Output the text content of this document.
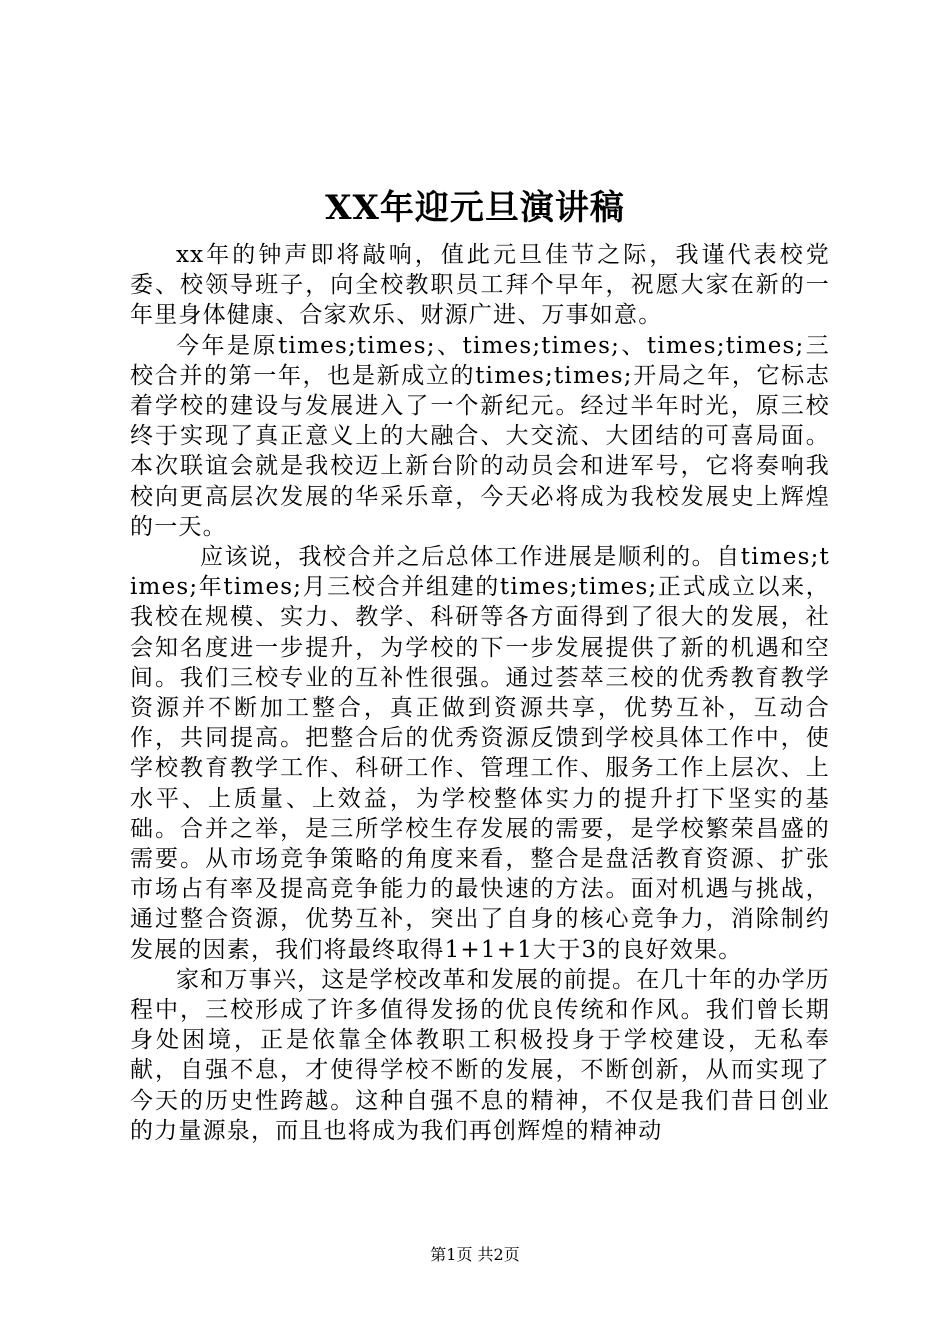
XX年迎元旦演讲稿

xx年的钟声即将敲响，值此元旦佳节之际，我谨代表校党委、校领导班子，向全校教职员工拜个早年，祝愿大家在新的一年里身体健康、合家欢乐、财源广进、万事如意。

今年是原times;times;、times;times;、times;times;三校合并的第一年，也是新成立的times;times;开局之年，它标志着学校的建设与发展进入了一个新纪元。经过半年时光，原三校终于实现了真正意义上的大融合、大交流、大团结的可喜局面。本次联谊会就是我校迈上新台阶的动员会和进军号，它将奏响我校向更高层次发展的华采乐章，今天必将成为我校发展史上辉煌的一天。

应该说，我校合并之后总体工作进展是顺利的。自times;times;年times;月三校合并组建的times;times;正式成立以来，我校在规模、实力、教学、科研等各方面得到了很大的发展，社会知名度进一步提升，为学校的下一步发展提供了新的机遇和空间。我们三校专业的互补性很强。通过荟萃三校的优秀教育教学资源并不断加工整合，真正做到资源共享，优势互补，互动合作，共同提高。把整合后的优秀资源反馈到学校具体工作中，使学校教育教学工作、科研工作、管理工作、服务工作上层次、上水平、上质量、上效益，为学校整体实力的提升打下坚实的基础。合并之举，是三所学校生存发展的需要，是学校繁荣昌盛的需要。从市场竞争策略的角度来看，整合是盘活教育资源、扩张市场占有率及提高竞争能力的最快速的方法。面对机遇与挑战，通过整合资源，优势互补，突出了自身的核心竞争力，消除制约发展的因素，我们将最终取得1+1+1大于3的良好效果。

家和万事兴，这是学校改革和发展的前提。在几十年的办学历程中，三校形成了许多值得发扬的优良传统和作风。我们曾长期身处困境，正是依靠全体教职工积极投身于学校建设，无私奉献，自强不息，才使得学校不断的发展，不断创新，从而实现了今天的历史性跨越。这种自强不息的精神，不仅是我们昔日创业的力量源泉，而且也将成为我们再创辉煌的精神动

第1页 共2页
